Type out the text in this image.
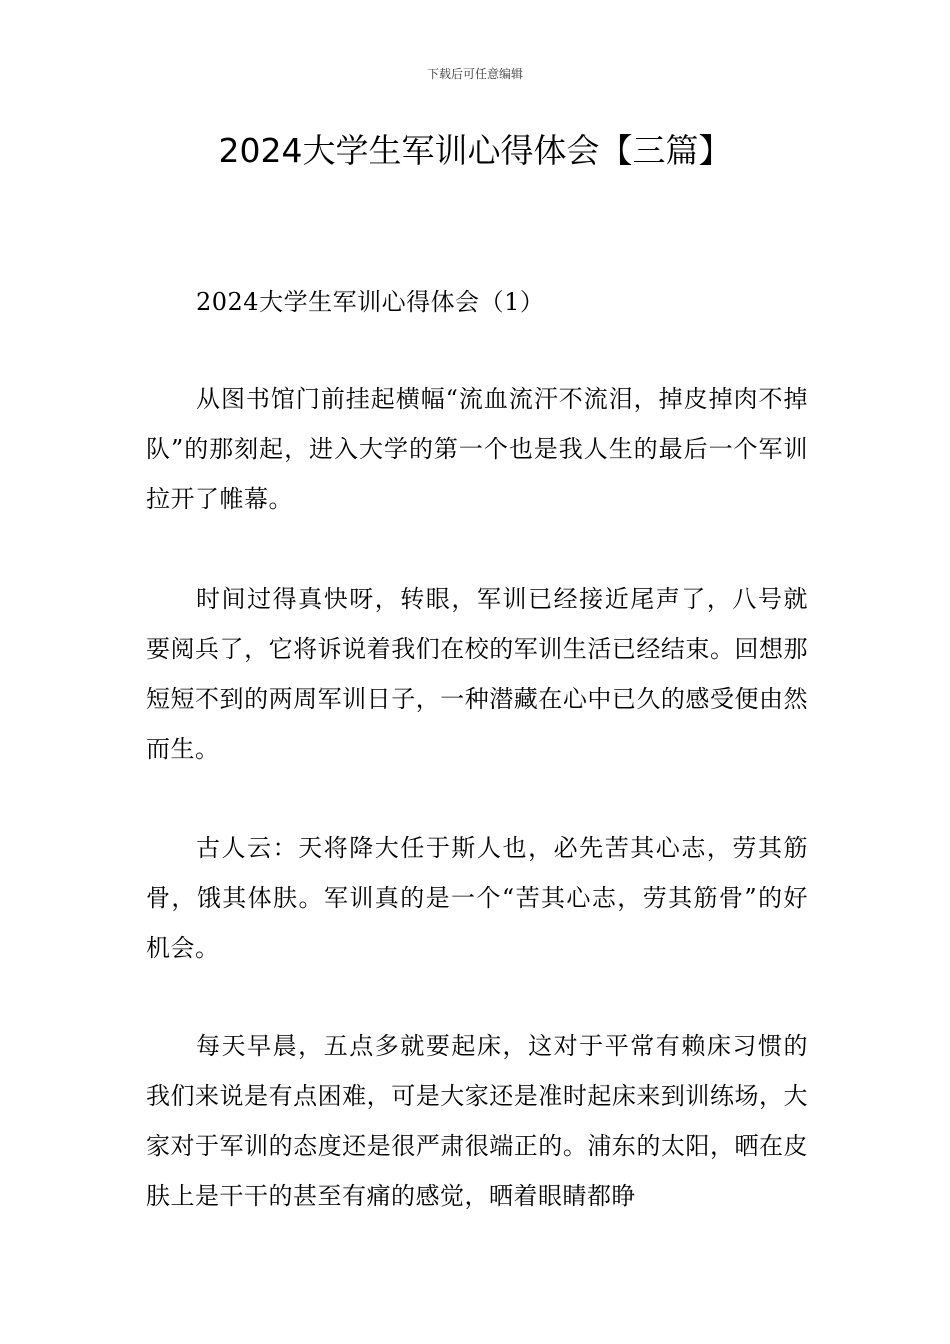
下载后可任意编辑
2024大学生军训心得体会【三篇】

2024大学生军训心得体会（1）

从图书馆门前挂起横幅“流血流汗不流泪，掉皮掉肉不掉队”的那刻起，进入大学的第一个也是我人生的最后一个军训拉开了帷幕。

时间过得真快呀，转眼，军训已经接近尾声了，八号就要阅兵了，它将诉说着我们在校的军训生活已经结束。回想那短短不到的两周军训日子，一种潜藏在心中已久的感受便由然而生。

古人云：天将降大任于斯人也，必先苦其心志，劳其筋骨，饿其体肤。军训真的是一个“苦其心志，劳其筋骨”的好机会。

每天早晨，五点多就要起床，这对于平常有赖床习惯的我们来说是有点困难，可是大家还是准时起床来到训练场，大家对于军训的态度还是很严肃很端正的。浦东的太阳，晒在皮肤上是干干的甚至有痛的感觉，晒着眼睛都睁
